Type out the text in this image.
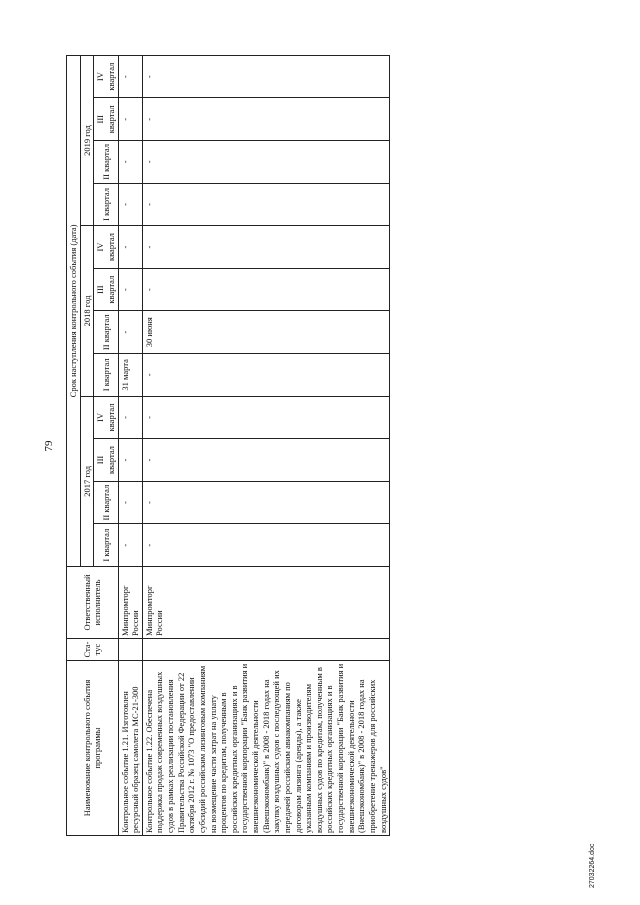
79
Наименование контрольного события программы	Ста-тус	Ответственный исполнитель	Срок наступления контрольного события (дата)											
			2017 год				2018 год				2019 год			
			I квартал	II квартал	III квартал	IV квартал	I квартал	II квартал	III квартал	IV квартал	I квартал	II квартал	III квартал	IV квартал
Контрольное событие 1.21. Изготовлен ресурсный образец самолета МС-21-300		Минпромторг России	-	-	-	-	31 марта	-	-	-	-	-	-	-
Контрольное событие 1.22. Обеспечена поддержка продаж современных воздушных судов в рамках реализации постановления Правительства Российской Федерации от 22 октября 2012 г. № 1073 "О предоставлении субсидий российским лизинговым компаниям на возмещение части затрат на уплату процентов по кредитам, полученным в российских кредитных организациях и в государственной корпорации "Банк развития и внешнеэкономической деятельности (Внешэкономбанк)" в 2008 - 2018 годах на закупку воздушных судов с последующей их передачей российским авиакомпаниям по договорам лизинга (аренды), а также указанным компаниям и производителям воздушных судов по кредитам, полученным в российских кредитных организациях и в государственной корпорации "Банк развития и внешнеэкономической деятельности (Внешэкономбанк)" в 2008 - 2018 годах на приобретение тренажеров для российских воздушных судов"		Минпромторг России	-	-	-	-	-	30 июня	-	-	-	-	-	-
27032264.doc
